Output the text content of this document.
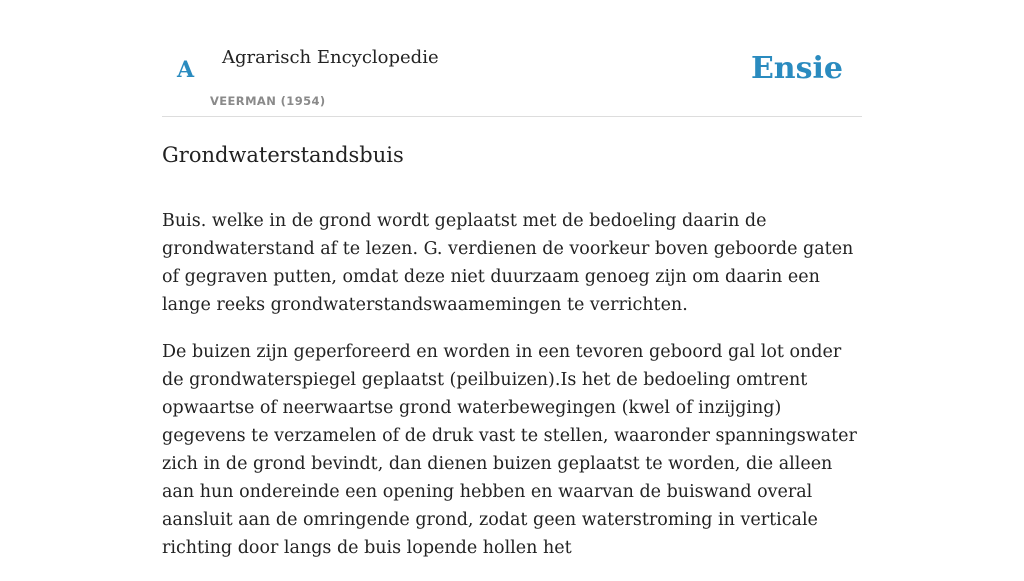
A Agrarisch Encyclopedie
VEERMAN (1954)
Ensie
Grondwaterstandsbuis

Buis. welke in de grond wordt geplaatst met de bedoeling daarin de grondwaterstand af te lezen. G. verdienen de voorkeur boven geboorde gaten of gegraven putten, omdat deze niet duurzaam genoeg zijn om daarin een lange reeks grondwaterstandswaamemingen te verrichten.

De buizen zijn geperforeerd en worden in een tevoren geboord gal lot onder de grondwaterspiegel geplaatst (peilbuizen).Is het de bedoeling omtrent opwaartse of neerwaartse grond waterbewegingen (kwel of inzijging) gegevens te verzamelen of de druk vast te stellen, waaronder spanningswater zich in de grond bevindt, dan dienen buizen geplaatst te worden, die alleen aan hun ondereinde een opening hebben en waarvan de buiswand overal aansluit aan de omringende grond, zodat geen waterstroming in verticale richting door langs de buis lopende hollen het
